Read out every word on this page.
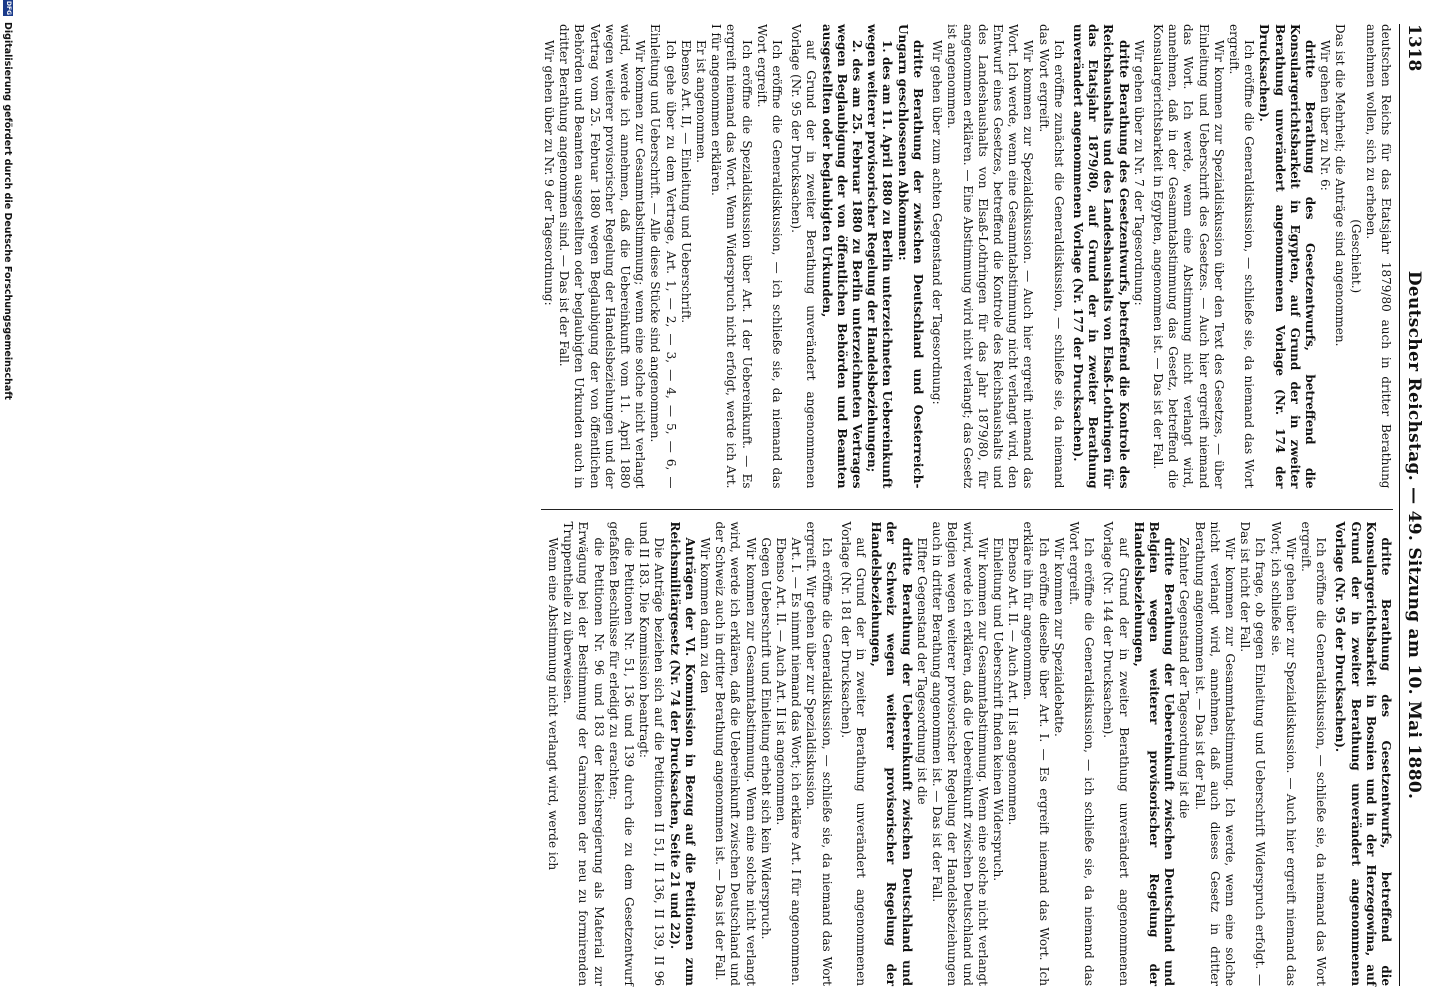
1318
Deutscher Reichstag. — 49. Sitzung am 10. Mai 1880.

deutschen Reichs für das Etatsjahr 1879/80 auch in dritter Berathung annehmen wollen, sich zu erheben.

(Geschieht.)

Das ist die Mehrheit; die Anträge sind angenommen.

Wir gehen über zu Nr. 6:

dritte Berathung des Gesetzentwurfs, betreffend die Konsulargerichtsbarkeit in Egypten, auf Grund der in zweiter Berathung unverändert angenommenen Vorlage (Nr. 174 der Drucksachen).

Ich eröffne die Generaldiskussion, — schließe sie, da niemand das Wort ergreift.

Wir kommen zur Spezialdiskussion über den Text des Gesetzes, — über Einleitung und Ueberschrift des Gesetzes. — Auch hier ergreift niemand das Wort. Ich werde, wenn eine Abstimmung nicht verlangt wird, annehmen, daß in der Gesammtabstimmung das Gesetz, betreffend die Konsulargerichtsbarkeit in Egypten, angenommen ist. — Das ist der Fall.

Wir gehen über zu Nr. 7 der Tagesordnung:

dritte Berathung des Gesetzentwurfs, betreffend die Kontrole des Reichshaushalts und des Landeshaushalts von Elsaß-Lothringen für das Etatsjahr 1879/80, auf Grund der in zweiter Berathung unverändert angenommenen Vorlage (Nr. 177 der Drucksachen).

Ich eröffne zunächst die Generaldiskussion, — schließe sie, da niemand das Wort ergreift.

Wir kommen zur Spezialdiskussion. — Auch hier ergreift niemand das Wort. Ich werde, wenn eine Gesammtabstimmung nicht verlangt wird, den Entwurf eines Gesetzes, betreffend die Kontrole des Reichshaushalts und des Landeshaushalts von Elsaß-Lothringen für das Jahr 1879/80, für angenommen erklären. — Eine Abstimmung wird nicht verlangt; das Gesetz ist angenommen.

Wir gehen über zum achten Gegenstand der Tagesordnung:

dritte Berathung der zwischen Deutschland und Oesterreich-Ungarn geschlossenen Abkommen:

1. des am 11. April 1880 zu Berlin unterzeichneten Uebereinkunft wegen weiterer provisorischer Regelung der Handelsbeziehungen;

2. des am 25. Februar 1880 zu Berlin unterzeichneten Vertrages wegen Beglaubigung der von öffentlichen Behörden und Beamten ausgestellten oder beglaubigten Urkunden,

auf Grund der in zweiter Berathung unverändert angenommenen Vorlage (Nr. 95 der Drucksachen).

Ich eröffne die Generaldiskussion, — ich schließe sie, da niemand das Wort ergreift.

Ich eröffne die Spezialdiskussion über Art. I der Uebereinkunft. — Es ergreift niemand das Wort. Wenn Widerspruch nicht erfolgt, werde ich Art. I für angenommen erklären.

Er ist angenommen.

Ebenso Art. II, — Einleitung und Ueberschrift.

Ich gehe über zu dem Vertrage, Art. 1, — 2, — 3, — 4, — 5, — 6, — Einleitung und Ueberschrift. — Alle diese Stücke sind angenommen.

Wir kommen zur Gesammtabstimmung; wenn eine solche nicht verlangt wird, werde ich annehmen, daß die Uebereinkunft vom 11. April 1880 wegen weiterer provisorischer Regelung der Handelsbeziehungen und der Vertrag vom 25. Februar 1880 wegen Beglaubigung der von öffentlichen Behörden und Beamten ausgestellten oder beglaubigten Urkunden auch in dritter Berathung angenommen sind. — Das ist der Fall.

Wir gehen über zu Nr. 9 der Tagesordnung:

dritte Berathung des Gesetzentwurfs, betreffend die Konsulargerichtsbarkeit in Bosnien und in der Herzegowina, auf Grund der in zweiter Berathung unverändert angenommenen Vorlage (Nr. 95 der Drucksachen).

Ich eröffne die Generaldiskussion, — schließe sie, da niemand das Wort ergreift.

Wir gehen über zur Spezialdiskussion. — Auch hier ergreift niemand das Wort; ich schließe sie.

Ich frage, ob gegen Einleitung und Ueberschrift Widerspruch erfolgt. — Das ist nicht der Fall.

Wir kommen zur Gesammtabstimmung. Ich werde, wenn eine solche nicht verlangt wird, annehmen, daß auch dieses Gesetz in dritter Berathung angenommen ist. — Das ist der Fall.

Zehnter Gegenstand der Tagesordnung ist die

dritte Berathung der Uebereinkunft zwischen Deutschland und Belgien wegen weiterer provisorischer Regelung der Handelsbeziehungen,

auf Grund der in zweiter Berathung unverändert angenommenen Vorlage (Nr. 144 der Drucksachen).

Ich eröffne die Generaldiskussion, — ich schließe sie, da niemand das Wort ergreift.

Wir kommen zur Spezialdebatte.

Ich eröffne dieselbe über Art. I. — Es ergreift niemand das Wort. Ich erkläre ihn für angenommen.

Ebenso Art. II. — Auch Art. II ist angenommen.

Einleitung und Ueberschrift finden keinen Widerspruch.

Wir kommen zur Gesammtabstimmung. Wenn eine solche nicht verlangt wird, werde ich erklären, daß die Uebereinkunft zwischen Deutschland und Belgien wegen weiterer provisorischer Regelung der Handelsbeziehungen auch in dritter Berathung angenommen ist. — Das ist der Fall.

Elfter Gegenstand der Tagesordnung ist die

dritte Berathung der Uebereinkunft zwischen Deutschland und der Schweiz wegen weiterer provisorischer Regelung der Handelsbeziehungen,

auf Grund der in zweiter Berathung unverändert angenommenen Vorlage (Nr. 181 der Drucksachen).

Ich eröffne die Generaldiskussion, — schließe sie, da niemand das Wort ergreift. Wir gehen über zur Spezialdiskussion.

Art. I. — Es nimmt niemand das Wort; ich erkläre Art. I für angenommen.

Ebenso Art. II. — Auch Art. II ist angenommen.

Gegen Ueberschrift und Einleitung erhebt sich kein Widerspruch.

Wir kommen zur Gesammtabstimmung. Wenn eine solche nicht verlangt wird, werde ich erklären, daß die Uebereinkunft zwischen Deutschland und der Schweiz auch in dritter Berathung angenommen ist. — Das ist der Fall.

Wir kommen dann zu den

Anträgen der VI. Kommission in Bezug auf die Petitionen zum Reichsmilitärgesetz (Nr. 74 der Drucksachen, Seite 21 und 22).

Die Anträge beziehen sich auf die Petitionen II 51, II 136, II 139, II 96 und II 183. Die Kommission beantragt:

die Petitionen Nr. 51, 136 und 139 durch die zu dem Gesetzentwurf gefaßten Beschlüsse für erledigt zu erachten;

die Petitionen Nr. 96 und 183 der Reichsregierung als Material zur Erwägung bei der Bestimmung der Garnisonen der neu zu formirenden Truppentheile zu überweisen.

Wenn eine Abstimmung nicht verlangt wird, werde ich

DFG
Digitalisierung gefördert durch die Deutsche Forschungsgemeinschaft
